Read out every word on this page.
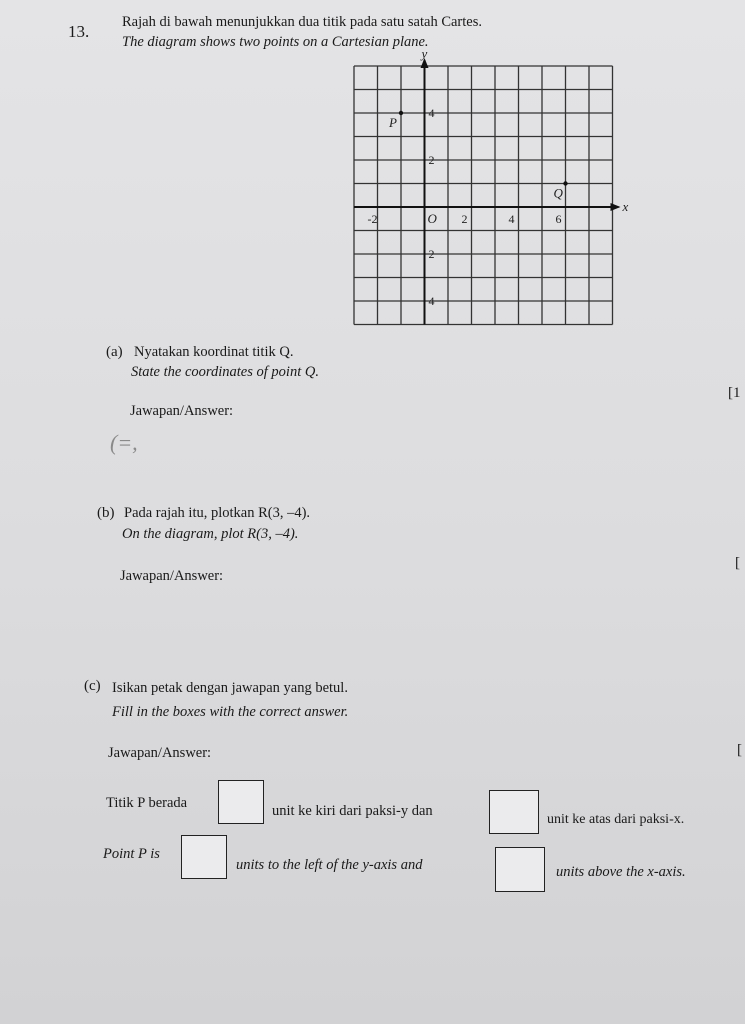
13. Rajah di bawah menunjukkan dua titik pada satu satah Cartes.
The diagram shows two points on a Cartesian plane.
-2	2	4	6
4
2
2
4
P
Q
y
x
O
(a) Nyatakan koordinat titik Q.
State the coordinates of point Q.
[1
Jawapan/Answer:
(=,
(b) Pada rajah itu, plotkan R(3, –4).
On the diagram, plot R(3, –4).
[
Jawapan/Answer:
(c) Isikan petak dengan jawapan yang betul.
Fill in the boxes with the correct answer.
[
Jawapan/Answer:
Titik P berada	unit ke kiri dari paksi-y dan
unit ke atas dari paksi-x.
Point P is
units to the left of the y-axis and	units above the x-axis.
